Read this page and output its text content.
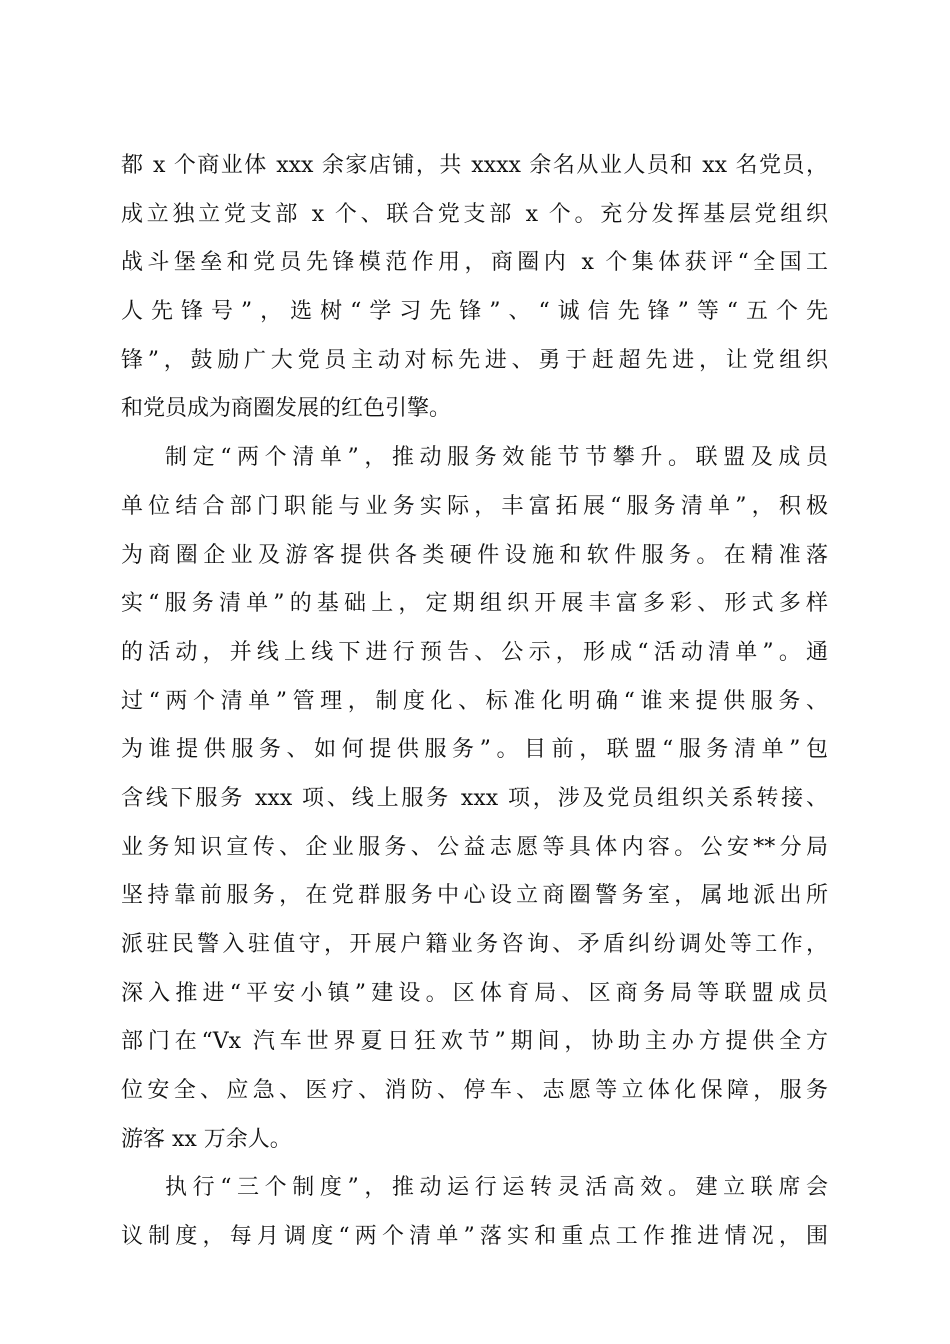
都 x 个商业体 xxx 余家店铺，共 xxxx 余名从业人员和 xx 名党员，
成立独立党支部 x 个、联合党支部 x 个。充分发挥基层党组织
战斗堡垒和党员先锋模范作用，商圈内 x 个集体获评“全国工
人先锋号”，选树“学习先锋”、“诚信先锋”等“五个先
锋”，鼓励广大党员主动对标先进、勇于赶超先进，让党组织
和党员成为商圈发展的红色引擎。
制定“两个清单”，推动服务效能节节攀升。联盟及成员
单位结合部门职能与业务实际，丰富拓展“服务清单”，积极
为商圈企业及游客提供各类硬件设施和软件服务。在精准落
实“服务清单”的基础上，定期组织开展丰富多彩、形式多样
的活动，并线上线下进行预告、公示，形成“活动清单”。通
过“两个清单”管理，制度化、标准化明确“谁来提供服务、
为谁提供服务、如何提供服务”。目前，联盟“服务清单”包
含线下服务 xxx 项、线上服务 xxx 项，涉及党员组织关系转接、
业务知识宣传、企业服务、公益志愿等具体内容。公安**分局
坚持靠前服务，在党群服务中心设立商圈警务室，属地派出所
派驻民警入驻值守，开展户籍业务咨询、矛盾纠纷调处等工作，
深入推进“平安小镇”建设。区体育局、区商务局等联盟成员
部门在“Vx 汽车世界夏日狂欢节”期间，协助主办方提供全方
位安全、应急、医疗、消防、停车、志愿等立体化保障，服务
游客 xx 万余人。
执行“三个制度”，推动运行运转灵活高效。建立联席会
议制度，每月调度“两个清单”落实和重点工作推进情况，围
